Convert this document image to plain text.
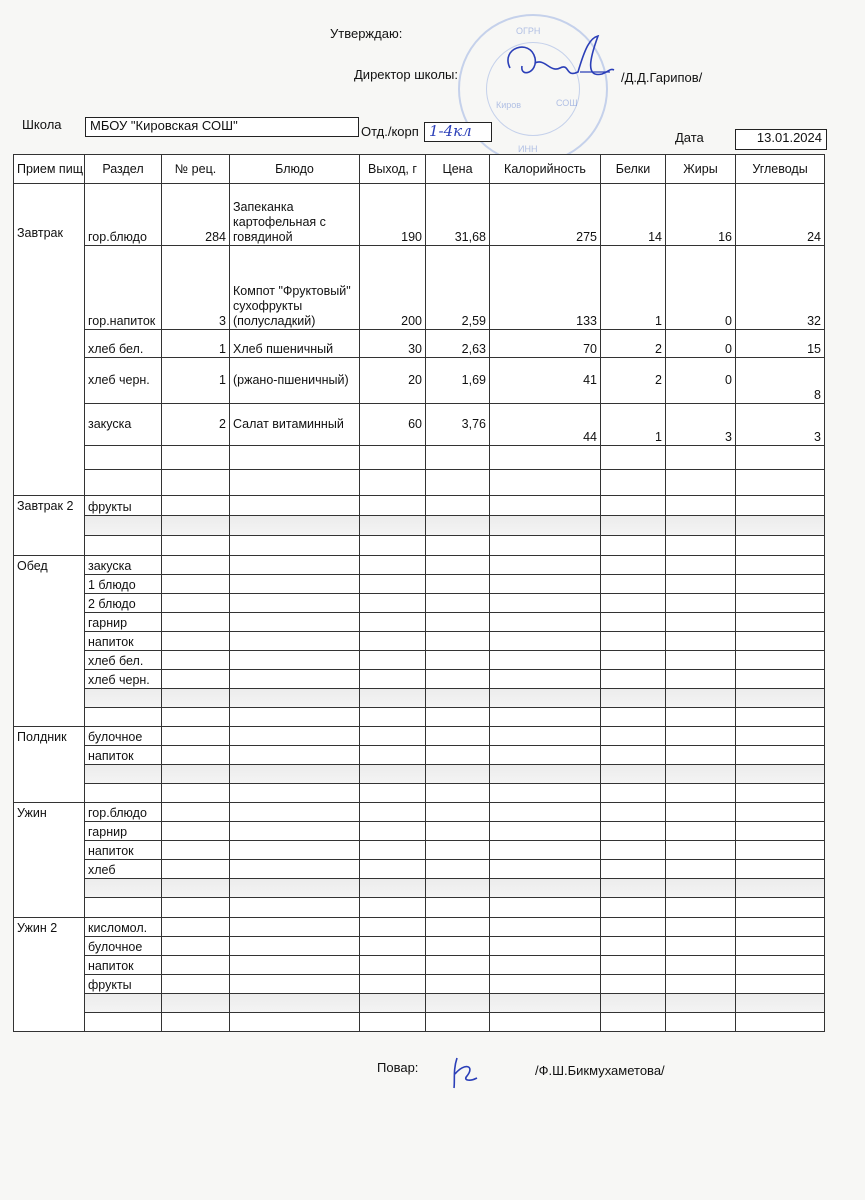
Утверждаю:
Директор школы:	/Д.Д.Гарипов/
ОГРН
Киров	СОШ
ИНН
Школа	МБОУ "Кировская СОШ"	Отд./корп 1-4кл	Дата	13.01.2024
Прием пищ	Раздел	№ рец.	Блюдо	Выход, г	Цена	Калорийность	Белки	Жиры	Углеводы
Завтрак	гор.блюдо	284	Запеканка картофельная с говядиной	190	31,68	275	14	16	24
	гор.напиток	3	Компот "Фруктовый" сухофрукты (полусладкий)	200	2,59	133	1	0	32
	хлеб бел.	1	Хлеб пшеничный	30	2,63	70	2	0	15
	хлеб черн.	1	(ржано-пшеничный)	20	1,69	41	2	0	8
	закуска	2	Салат витаминный	60	3,76	44	1	3	3

Завтрак 2	фрукты								

Обед	закуска								
	1 блюдо								
	2 блюдо								
	гарнир								
	напиток								
	хлеб бел.								
	хлеб черн.								

Полдник	булочное								
	напиток								

Ужин	гор.блюдо								
	гарнир								
	напиток								
	хлеб								

Ужин 2	кисломол.								
	булочное								
	напиток								
	фрукты								

Повар:	/Ф.Ш.Бикмухаметова/
